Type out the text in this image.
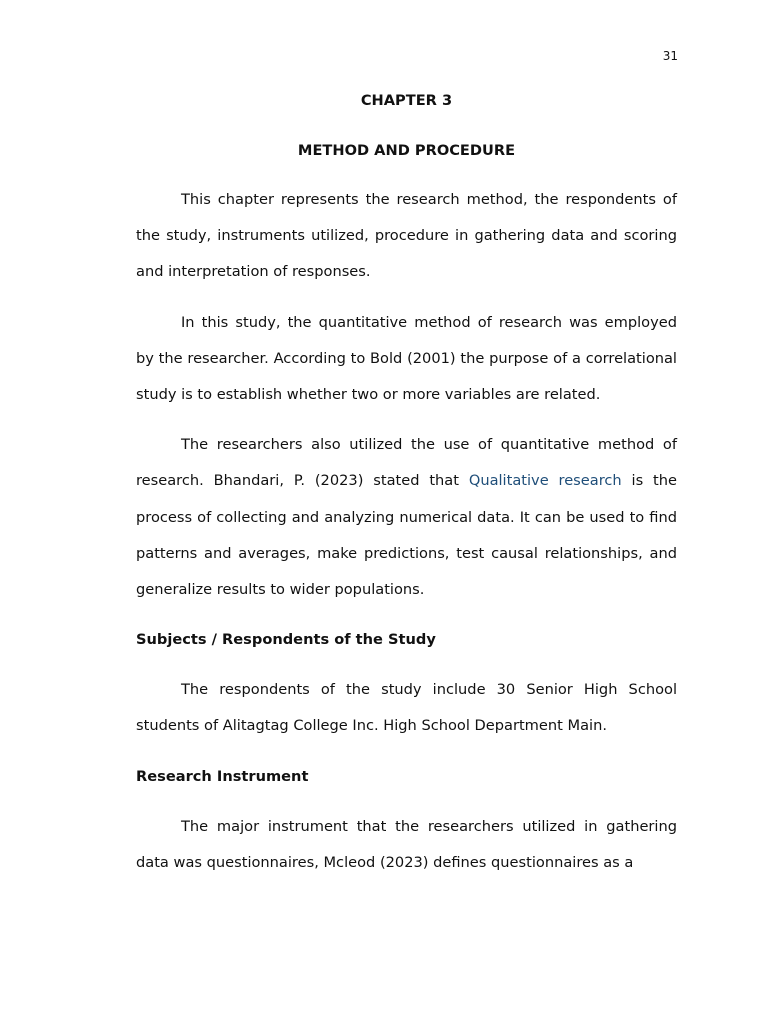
31
CHAPTER 3
METHOD AND PROCEDURE

This chapter represents the research method, the respondents of the study, instruments utilized, procedure in gathering data and scoring and interpretation of responses.

In this study, the quantitative method of research was employed by the researcher. According to Bold (2001) the purpose of a correlational study is to establish whether two or more variables are related.

The researchers also utilized the use of quantitative method of research. Bhandari, P. (2023) stated that Qualitative research is the process of collecting and analyzing numerical data. It can be used to find patterns and averages, make predictions, test causal relationships, and generalize results to wider populations.

Subjects / Respondents of the Study

The respondents of the study include 30 Senior High School students of Alitagtag College Inc. High School Department Main.

Research Instrument

The major instrument that the researchers utilized in gathering data was questionnaires, Mcleod (2023) defines questionnaires as a
